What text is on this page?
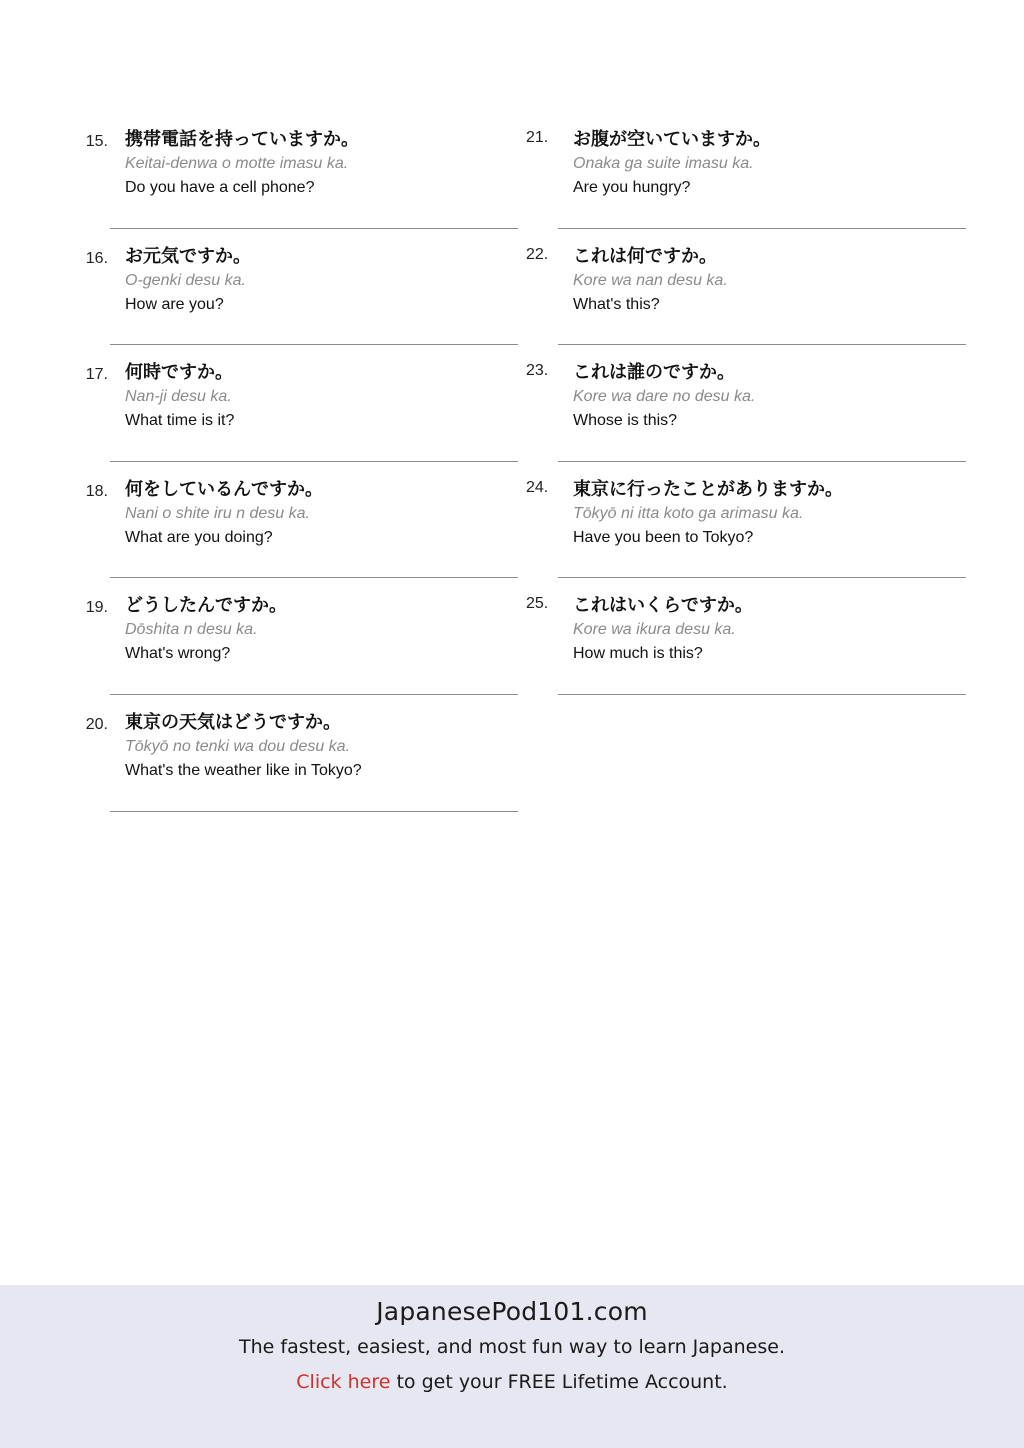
15. 携帯電話を持っていますか。
Keitai-denwa o motte imasu ka.
Do you have a cell phone?
16. お元気ですか。
O-genki desu ka.
How are you?
17. 何時ですか。
Nan-ji desu ka.
What time is it?
18. 何をしているんですか。
Nani o shite iru n desu ka.
What are you doing?
19. どうしたんですか。
Dōshita n desu ka.
What's wrong?
20. 東京の天気はどうですか。
Tōkyō no tenki wa dou desu ka.
What's the weather like in Tokyo?
21.	お腹が空いていますか。
Onaka ga suite imasu ka.
Are you hungry?
22.	これは何ですか。
Kore wa nan desu ka.
What's this?
23.	これは誰のですか。
Kore wa dare no desu ka.
Whose is this?
24.	東京に行ったことがありますか。
Tōkyō ni itta koto ga arimasu ka.
Have you been to Tokyo?
25.	これはいくらですか。
Kore wa ikura desu ka.
How much is this?
JapanesePod101.com
The fastest, easiest, and most fun way to learn Japanese.
Click here to get your FREE Lifetime Account.
